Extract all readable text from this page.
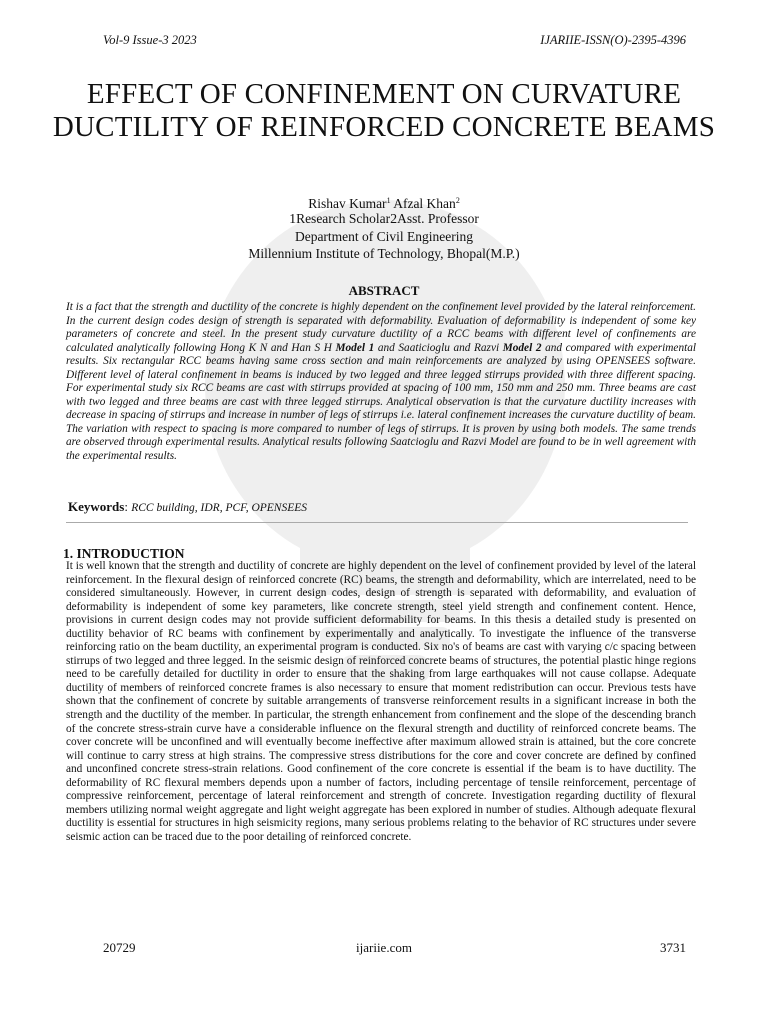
Vol-9 Issue-3 2023	IJARIIE-ISSN(O)-2395-4396
EFFECT OF CONFINEMENT ON CURVATURE DUCTILITY OF REINFORCED CONCRETE BEAMS
Rishav Kumar$^1$ Afzal Khan$^2$
1Research Scholar2Asst. Professor
Department of Civil Engineering
Millennium Institute of Technology, Bhopal(M.P.)
ABSTRACT
It is a fact that the strength and ductility of the concrete is highly dependent on the confinement level provided by the lateral reinforcement. In the current design codes design of strength is separated with deformability. Evaluation of deformability is independent of some key parameters of concrete and steel. In the present study curvature ductility of a RCC beams with different level of confinements are calculated analytically following Hong K N and Han S H Model 1 and Saaticioglu and Razvi Model 2 and compared with experimental results. Six rectangular RCC beams having same cross section and main reinforcements are analyzed by using OPENSEES software. Different level of lateral confinement in beams is induced by two legged and three legged stirrups provided with three different spacing. For experimental study six RCC beams are cast with stirrups provided at spacing of 100 mm, 150 mm and 250 mm. Three beams are cast with two legged and three beams are cast with three legged stirrups. Analytical observation is that the curvature ductility increases with decrease in spacing of stirrups and increase in number of legs of stirrups i.e. lateral confinement increases the curvature ductility of beam. The variation with respect to spacing is more compared to number of legs of stirrups. It is proven by using both models. The same trends are observed through experimental results. Analytical results following Saatcioglu and Razvi Model are found to be in well agreement with the experimental results.
Keywords: RCC building, IDR, PCF, OPENSEES
1. INTRODUCTION
It is well known that the strength and ductility of concrete are highly dependent on the level of confinement provided by level of the lateral reinforcement. In the flexural design of reinforced concrete (RC) beams, the strength and deformability, which are interrelated, need to be considered simultaneously. However, in current design codes, design of strength is separated with deformability, and evaluation of deformability is independent of some key parameters, like concrete strength, steel yield strength and confinement content. Hence, provisions in current design codes may not provide sufficient deformability for beams. In this thesis a detailed study is presented on ductility behavior of RC beams with confinement by experimentally and analytically. To investigate the influence of the transverse reinforcing ratio on the beam ductility, an experimental program is conducted. Six no's of beams are cast with varying c/c spacing between stirrups of two legged and three legged. In the seismic design of reinforced concrete beams of structures, the potential plastic hinge regions need to be carefully detailed for ductility in order to ensure that the shaking from large earthquakes will not cause collapse. Adequate ductility of members of reinforced concrete frames is also necessary to ensure that moment redistribution can occur. Previous tests have shown that the confinement of concrete by suitable arrangements of transverse reinforcement results in a significant increase in both the strength and the ductility of the member. In particular, the strength enhancement from confinement and the slope of the descending branch of the concrete stress-strain curve have a considerable influence on the flexural strength and ductility of reinforced concrete beams. The cover concrete will be unconfined and will eventually become ineffective after maximum allowed strain is attained, but the core concrete will continue to carry stress at high strains. The compressive stress distributions for the core and cover concrete are defined by confined and unconfined concrete stress-strain relations. Good confinement of the core concrete is essential if the beam is to have ductility. The deformability of RC flexural members depends upon a number of factors, including percentage of tensile reinforcement, percentage of compressive reinforcement, percentage of lateral reinforcement and strength of concrete. Investigation regarding ductility of flexural members utilizing normal weight aggregate and light weight aggregate has been explored in number of studies. Although adequate flexural ductility is essential for structures in high seismicity regions, many serious problems relating to the behavior of RC structures under severe seismic action can be traced due to the poor detailing of reinforced concrete.
20729	ijariie.com	3731
